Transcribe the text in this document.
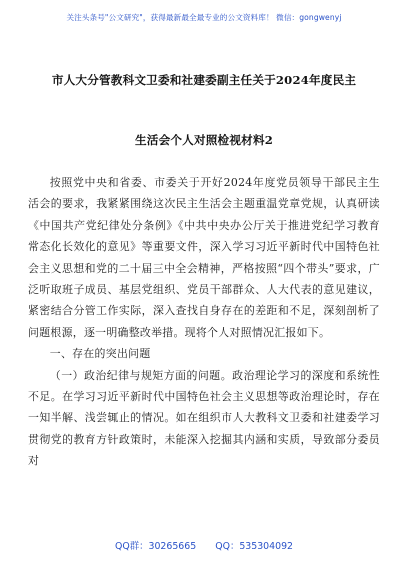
关注头条号"公文研究"，获得最新最全最专业的公文资料库！ 微信：gongwenyj
市人大分管教科文卫委和社建委副主任关于2024年度民主
生活会个人对照检视材料2

按照党中央和省委、市委关于开好2024年度党员领导干部民主生活会的要求，我紧紧围绕这次民主生活会主题重温党章党规，认真研读《中国共产党纪律处分条例》《中共中央办公厅关于推进党纪学习教育常态化长效化的意见》等重要文件，深入学习习近平新时代中国特色社会主义思想和党的二十届三中全会精神，严格按照“四个带头”要求，广泛听取班子成员、基层党组织、党员干部群众、人大代表的意见建议，紧密结合分管工作实际，深入查找自身存在的差距和不足，深刻剖析了问题根源，逐一明确整改举措。现将个人对照情况汇报如下。

一、存在的突出问题

（一）政治纪律与规矩方面的问题。政治理论学习的深度和系统性不足。在学习习近平新时代中国特色社会主义思想等政治理论时，存在一知半解、浅尝辄止的情况。如在组织市人大教科文卫委和社建委学习贯彻党的教育方针政策时，未能深入挖掘其内涵和实质，导致部分委员对

QQ群：30265665 QQ：535304092
